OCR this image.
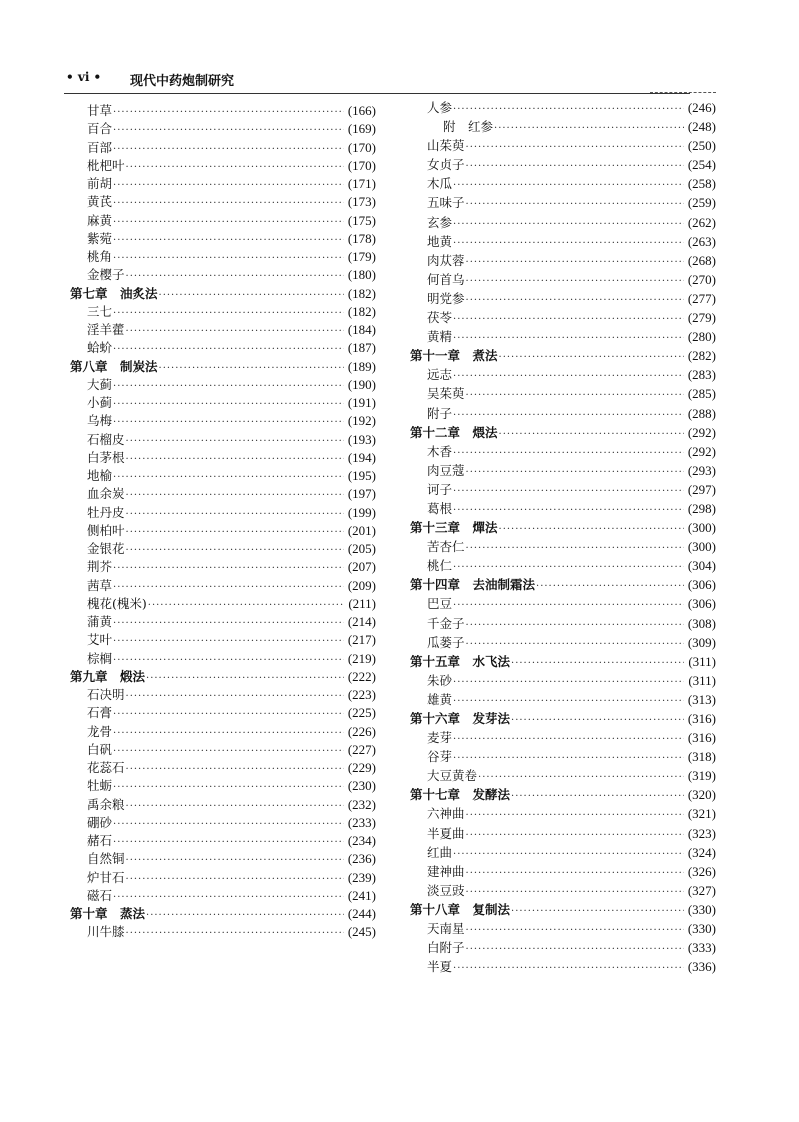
• vi • 现代中药炮制研究
甘草 ·····	(166)
百合 ·····	(169)
百部 ·····	(170)
枇杷叶 ·····	(170)
前胡 ·····	(171)
黄芪 ·····	(173)
麻黄 ·····	(175)
紫菀 ·····	(178)
桃角 ·····	(179)
金樱子 ·····	(180)
第七章　油炙法 ·····	(182)
三七 ·····	(182)
淫羊藿 ·····	(184)
蛤蚧 ·····	(187)
第八章　制炭法 ·····	(189)
大蓟 ·····	(190)
小蓟 ·····	(191)
乌梅 ·····	(192)
石榴皮 ·····	(193)
白茅根 ·····	(194)
地榆 ·····	(195)
血余炭 ·····	(197)
牡丹皮 ·····	(199)
侧柏叶 ·····	(201)
金银花 ·····	(205)
荆芥 ·····	(207)
茜草 ·····	(209)
槐花(槐米) ·····	(211)
蒲黄 ·····	(214)
艾叶 ·····	(217)
棕榈 ·····	(219)
第九章　煅法 ·····	(222)
石决明 ·····	(223)
石膏 ·····	(225)
龙骨 ·····	(226)
白矾 ·····	(227)
花蕊石 ·····	(229)
牡蛎 ·····	(230)
禹余粮 ·····	(232)
硼砂 ·····	(233)
赭石 ·····	(234)
自然铜 ·····	(236)
炉甘石 ·····	(239)
磁石 ·····	(241)
第十章　蒸法 ·····	(244)
川牛膝 ·····	(245)
人参 ·····	(246)
附　红参 ·····	(248)
山茱萸 ·····	(250)
女贞子 ·····	(254)
木瓜 ·····	(258)
五味子 ·····	(259)
玄参 ·····	(262)
地黄 ·····	(263)
肉苁蓉 ·····	(268)
何首乌 ·····	(270)
明党参 ·····	(277)
茯苓 ·····	(279)
黄精 ·····	(280)
第十一章　煮法 ·····	(282)
远志 ·····	(283)
吴茱萸 ·····	(285)
附子 ·····	(288)
第十二章　煨法 ·····	(292)
木香 ·····	(292)
肉豆蔻 ·····	(293)
诃子 ·····	(297)
葛根 ·····	(298)
第十三章　燀法 ·····	(300)
苦杏仁 ·····	(300)
桃仁 ·····	(304)
第十四章　去油制霜法 ·····	(306)
巴豆 ·····	(306)
千金子 ·····	(308)
瓜蒌子 ·····	(309)
第十五章　水飞法 ·····	(311)
朱砂 ·····	(311)
雄黄 ·····	(313)
第十六章　发芽法 ·····	(316)
麦芽 ·····	(316)
谷芽 ·····	(318)
大豆黄卷 ·····	(319)
第十七章　发酵法 ·····	(320)
六神曲 ·····	(321)
半夏曲 ·····	(323)
红曲 ·····	(324)
建神曲 ·····	(326)
淡豆豉 ·····	(327)
第十八章　复制法 ·····	(330)
天南星 ·····	(330)
白附子 ·····	(333)
半夏 ·····	(336)
